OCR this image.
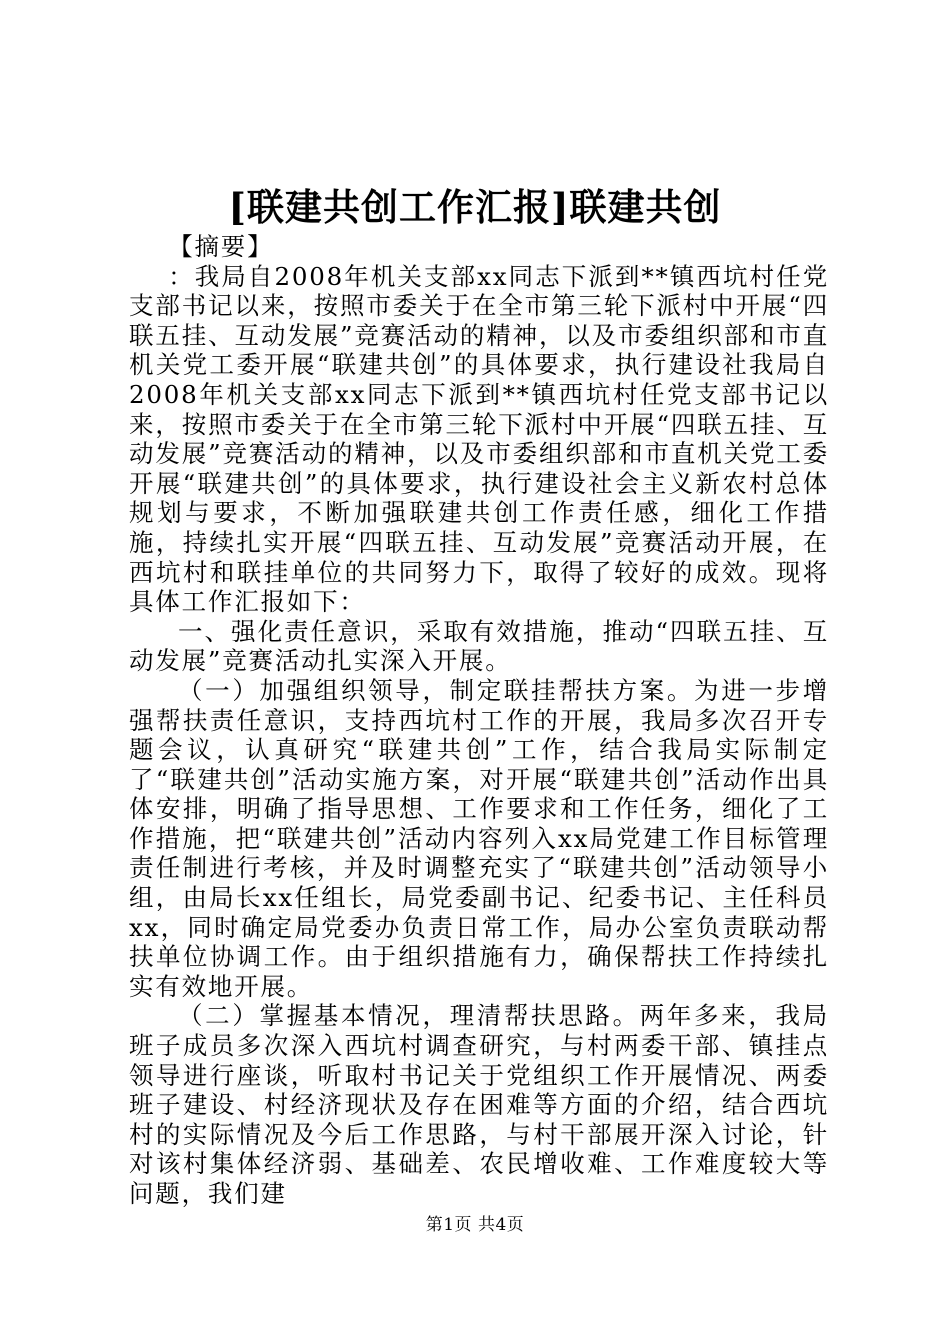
[联建共创工作汇报]联建共创

【摘要】

：我局自2008年机关支部xx同志下派到**镇西坑村任党支部书记以来，按照市委关于在全市第三轮下派村中开展“四联五挂、互动发展”竞赛活动的精神，以及市委组织部和市直机关党工委开展“联建共创”的具体要求，执行建设社我局自2008年机关支部xx同志下派到**镇西坑村任党支部书记以来，按照市委关于在全市第三轮下派村中开展“四联五挂、互动发展”竞赛活动的精神，以及市委组织部和市直机关党工委开展“联建共创”的具体要求，执行建设社会主义新农村总体规划与要求，不断加强联建共创工作责任感，细化工作措施，持续扎实开展“四联五挂、互动发展”竞赛活动开展，在西坑村和联挂单位的共同努力下，取得了较好的成效。现将具体工作汇报如下：

一、强化责任意识，采取有效措施，推动“四联五挂、互动发展”竞赛活动扎实深入开展。

（一）加强组织领导，制定联挂帮扶方案。为进一步增强帮扶责任意识，支持西坑村工作的开展，我局多次召开专题会议，认真研究“联建共创”工作，结合我局实际制定了“联建共创”活动实施方案，对开展“联建共创”活动作出具体安排，明确了指导思想、工作要求和工作任务，细化了工作措施，把“联建共创”活动内容列入xx局党建工作目标管理责任制进行考核，并及时调整充实了“联建共创”活动领导小组，由局长xx任组长，局党委副书记、纪委书记、主任科员xx，同时确定局党委办负责日常工作，局办公室负责联动帮扶单位协调工作。由于组织措施有力，确保帮扶工作持续扎实有效地开展。

（二）掌握基本情况，理清帮扶思路。两年多来，我局班子成员多次深入西坑村调查研究，与村两委干部、镇挂点领导进行座谈，听取村书记关于党组织工作开展情况、两委班子建设、村经济现状及存在困难等方面的介绍，结合西坑村的实际情况及今后工作思路，与村干部展开深入讨论，针对该村集体经济弱、基础差、农民增收难、工作难度较大等问题，我们建

第1页 共4页
